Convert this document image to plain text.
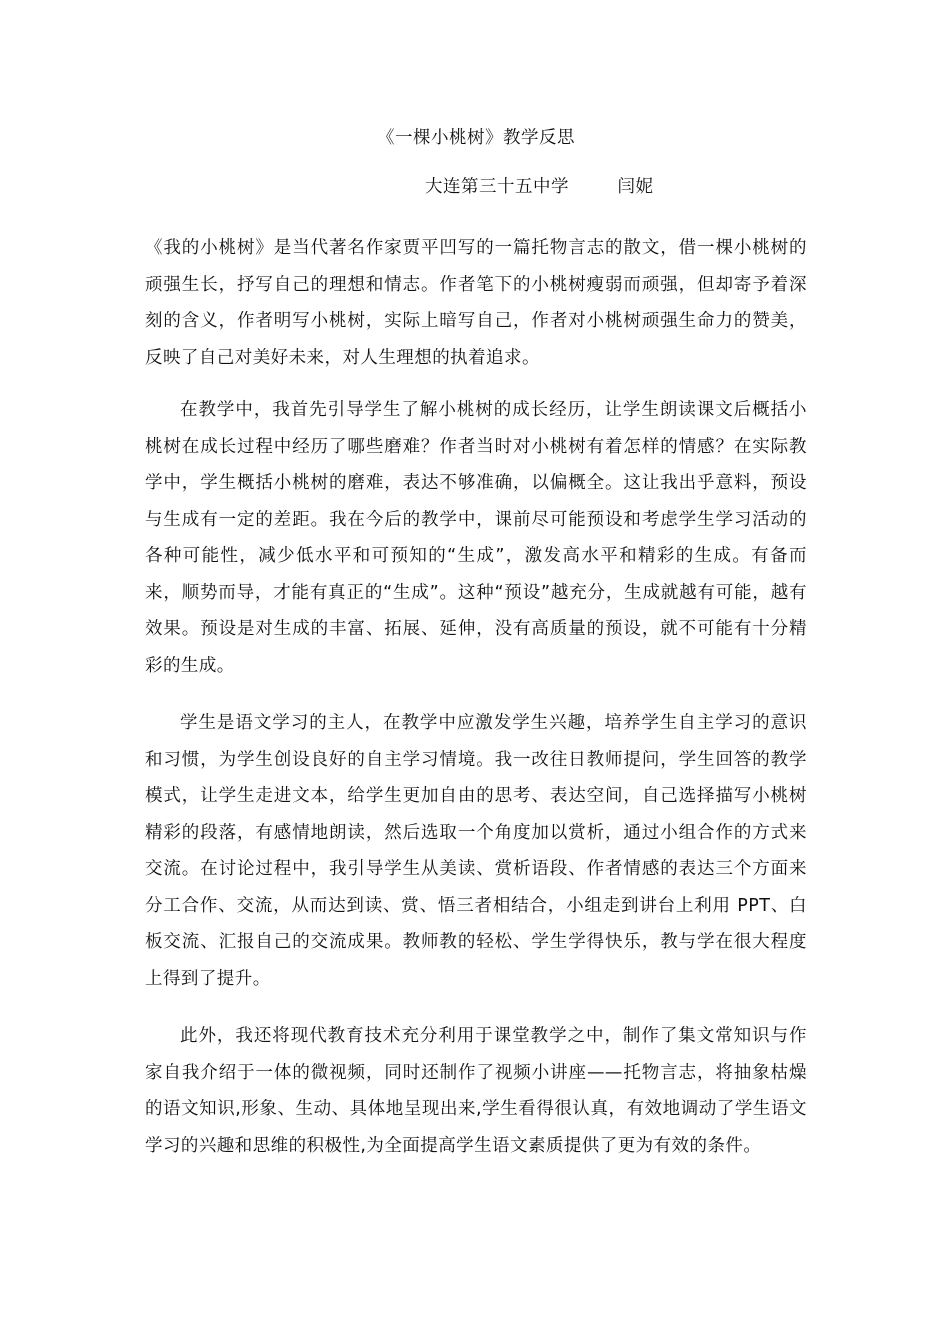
《一棵小桃树》教学反思
大连第三十五中学        闫妮

《我的小桃树》是当代著名作家贾平凹写的一篇托物言志的散文，借一棵小桃树的顽强生长，抒写自己的理想和情志。作者笔下的小桃树瘦弱而顽强，但却寄予着深刻的含义，作者明写小桃树，实际上暗写自己，作者对小桃树顽强生命力的赞美，反映了自己对美好未来，对人生理想的执着追求。

在教学中，我首先引导学生了解小桃树的成长经历，让学生朗读课文后概括小桃树在成长过程中经历了哪些磨难？作者当时对小桃树有着怎样的情感？在实际教学中，学生概括小桃树的磨难，表达不够准确，以偏概全。这让我出乎意料，预设与生成有一定的差距。我在今后的教学中，课前尽可能预设和考虑学生学习活动的各种可能性，减少低水平和可预知的“生成”，激发高水平和精彩的生成。有备而来，顺势而导，才能有真正的“生成”。这种“预设”越充分，生成就越有可能，越有效果。预设是对生成的丰富、拓展、延伸，没有高质量的预设，就不可能有十分精彩的生成。

学生是语文学习的主人，在教学中应激发学生兴趣，培养学生自主学习的意识和习惯，为学生创设良好的自主学习情境。我一改往日教师提问，学生回答的教学模式，让学生走进文本，给学生更加自由的思考、表达空间，自己选择描写小桃树精彩的段落，有感情地朗读，然后选取一个角度加以赏析，通过小组合作的方式来交流。在讨论过程中，我引导学生从美读、赏析语段、作者情感的表达三个方面来分工合作、交流，从而达到读、赏、悟三者相结合，小组走到讲台上利用 PPT、白板交流、汇报自己的交流成果。教师教的轻松、学生学得快乐，教与学在很大程度上得到了提升。

此外，我还将现代教育技术充分利用于课堂教学之中，制作了集文常知识与作家自我介绍于一体的微视频，同时还制作了视频小讲座——托物言志，将抽象枯燥的语文知识,形象、生动、具体地呈现出来,学生看得很认真，有效地调动了学生语文学习的兴趣和思维的积极性,为全面提高学生语文素质提供了更为有效的条件。
